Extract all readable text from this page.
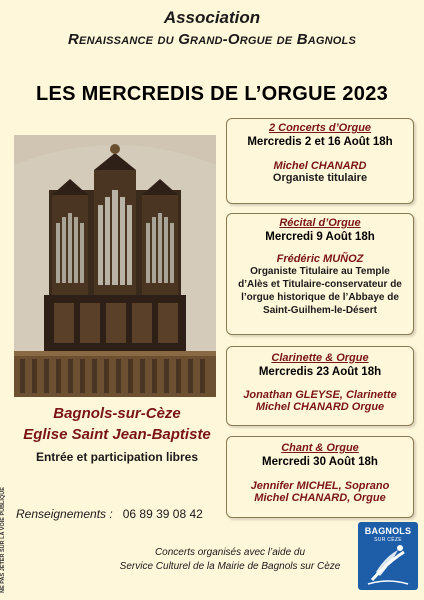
Association
Renaissance du Grand-Orgue de Bagnols
LES MERCREDIS DE L’ORGUE 2023
2 Concerts d’Orgue
Mercredis 2 et 16 Août 18h
Michel CHANARD
Organiste titulaire
Récital d’Orgue
Mercredi 9 Août 18h
Frédéric MUÑOZ
Organiste Titulaire au Temple
d’Alès et Titulaire-conservateur de
l’orgue historique de l’Abbaye de
Saint-Guilhem-le-Désert
Clarinette & Orgue
Mercredis 23 Août 18h
Jonathan GLEYSE, Clarinette
Michel CHANARD Orgue
Chant & Orgue
Mercredi 30 Août 18h
Jennifer MICHEL, Soprano
Michel CHANARD, Orgue
Bagnols-sur-Cèze
Eglise Saint Jean-Baptiste
Entrée et participation libres
Renseignements : 06 89 39 08 42
NE PAS JETER SUR LA VOIE PUBLIQUE	Concerts organisés avec l’aide du
Service Culturel de la Mairie de Bagnols sur Cèze
BAGNOLS
SUR CÈZE
